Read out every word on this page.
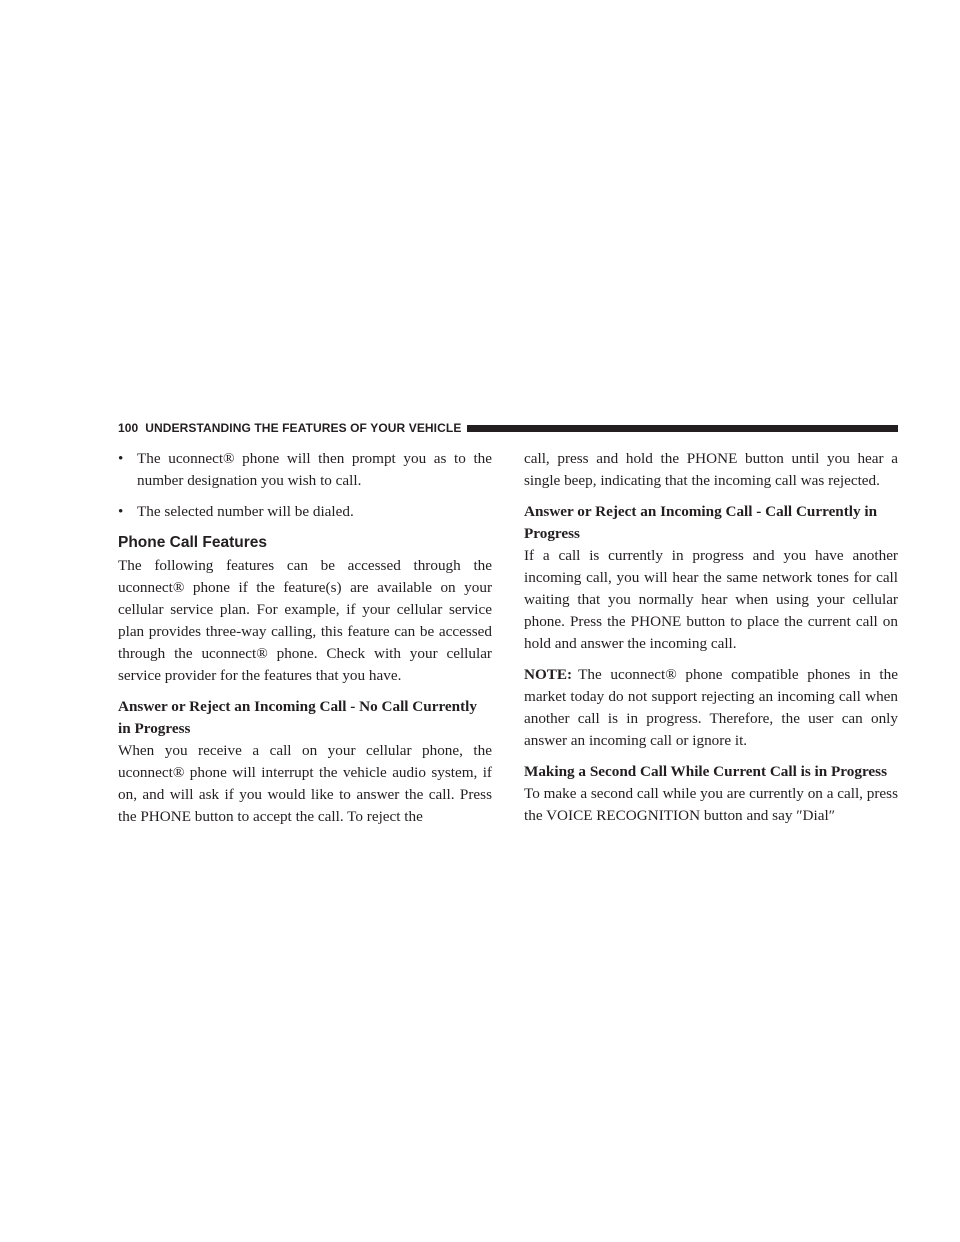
100
UNDERSTANDING THE FEATURES OF YOUR VEHICLE
• The uconnect® phone will then prompt you as to the number designation you wish to call.
• The selected number will be dialed.
Phone Call Features

The following features can be accessed through the uconnect® phone if the feature(s) are available on your cellular service plan. For example, if your cellular service plan provides three-way calling, this feature can be accessed through the uconnect® phone. Check with your cellular service provider for the features that you have.

Answer or Reject an Incoming Call - No Call Currently in Progress

When you receive a call on your cellular phone, the uconnect® phone will interrupt the vehicle audio system, if on, and will ask if you would like to answer the call. Press the PHONE button to accept the call. To reject the

call, press and hold the PHONE button until you hear a single beep, indicating that the incoming call was rejected.

Answer or Reject an Incoming Call - Call Currently in Progress

If a call is currently in progress and you have another incoming call, you will hear the same network tones for call waiting that you normally hear when using your cellular phone. Press the PHONE button to place the current call on hold and answer the incoming call.

NOTE: The uconnect® phone compatible phones in the market today do not support rejecting an incoming call when another call is in progress. Therefore, the user can only answer an incoming call or ignore it.

Making a Second Call While Current Call is in Progress

To make a second call while you are currently on a call, press the VOICE RECOGNITION button and say ″Dial″
